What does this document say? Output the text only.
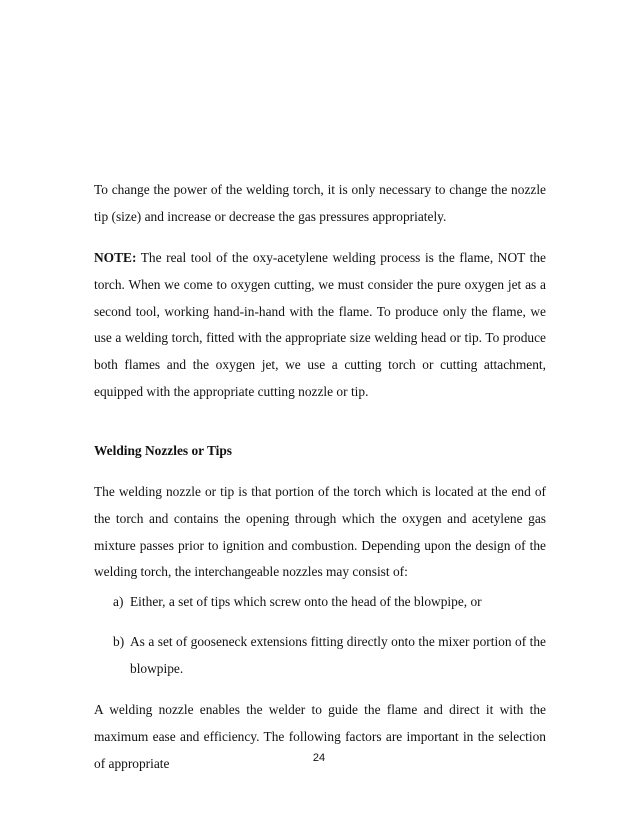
To change the power of the welding torch, it is only necessary to change the nozzle tip (size) and increase or decrease the gas pressures appropriately.
NOTE: The real tool of the oxy-acetylene welding process is the flame, NOT the torch. When we come to oxygen cutting, we must consider the pure oxygen jet as a second tool, working hand-in-hand with the flame. To produce only the flame, we use a welding torch, fitted with the appropriate size welding head or tip. To produce both flames and the oxygen jet, we use a cutting torch or cutting attachment, equipped with the appropriate cutting nozzle or tip.
Welding Nozzles or Tips
The welding nozzle or tip is that portion of the torch which is located at the end of the torch and contains the opening through which the oxygen and acetylene gas mixture passes prior to ignition and combustion. Depending upon the design of the welding torch, the interchangeable nozzles may consist of:
a) Either, a set of tips which screw onto the head of the blowpipe, or
b) As a set of gooseneck extensions fitting directly onto the mixer portion of the blowpipe.
A welding nozzle enables the welder to guide the flame and direct it with the maximum ease and efficiency. The following factors are important in the selection of appropriate	24
